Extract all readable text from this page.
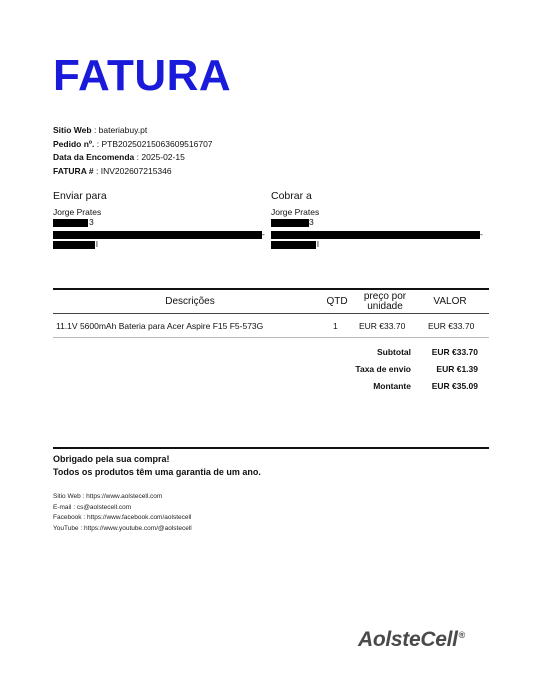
FATURA
Sitio Web : bateriabuy.pt
Pedido nº. : PTB20250215063609516707
Data da Encomenda : 2025-02-15
FATURA # : INV202607215346
Enviar para
Jorge Prates
3
-
l
Cobrar a
Jorge Prates
3
-
l
Descrições	QTD	preço por unidade	VALOR
11.1V 5600mAh Bateria para Acer Aspire F15 F5-573G	1	EUR €33.70	EUR €33.70
Subtotal EUR €33.70
Taxa de envio	EUR €1.39
Montante EUR €35.09
Obrigado pela sua compra!
Todos os produtos têm uma garantia de um ano.
Sitio Web : https://www.aolstecell.com
E-mail : cs@aolstecell.com
Facebook : https://www.facebook.com/aolstecell
YouTube : https://www.youtube.com/@aolstecell
AolsteCell®
